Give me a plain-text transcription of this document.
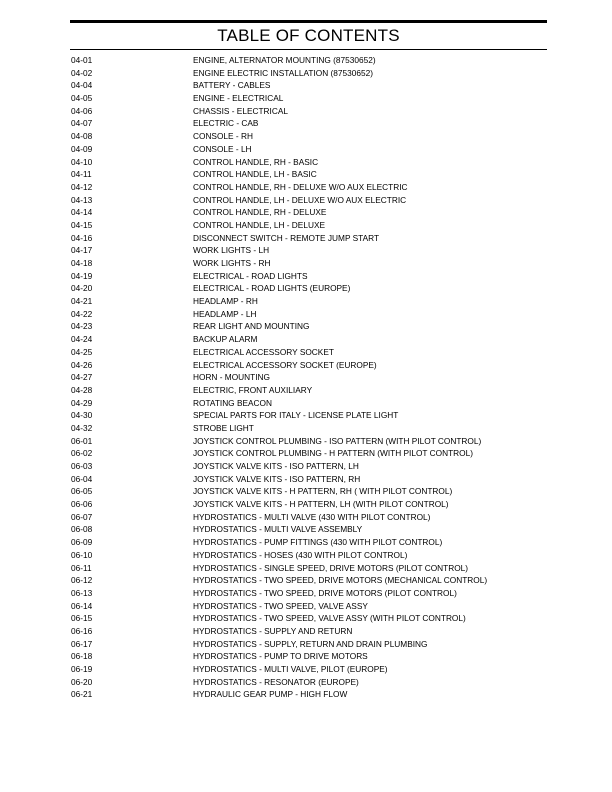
TABLE OF CONTENTS
04-01	ENGINE, ALTERNATOR MOUNTING (87530652)
04-02	ENGINE ELECTRIC INSTALLATION (87530652)
04-04	BATTERY - CABLES
04-05	ENGINE - ELECTRICAL
04-06	CHASSIS - ELECTRICAL
04-07	ELECTRIC - CAB
04-08	CONSOLE - RH
04-09	CONSOLE - LH
04-10	CONTROL HANDLE, RH - BASIC
04-11	CONTROL HANDLE, LH - BASIC
04-12	CONTROL HANDLE, RH - DELUXE W/O AUX ELECTRIC
04-13	CONTROL HANDLE, LH - DELUXE W/O AUX ELECTRIC
04-14	CONTROL HANDLE, RH - DELUXE
04-15	CONTROL HANDLE, LH - DELUXE
04-16	DISCONNECT SWITCH - REMOTE JUMP START
04-17	WORK LIGHTS - LH
04-18	WORK LIGHTS - RH
04-19	ELECTRICAL - ROAD LIGHTS
04-20	ELECTRICAL - ROAD LIGHTS (EUROPE)
04-21	HEADLAMP - RH
04-22	HEADLAMP - LH
04-23	REAR LIGHT AND MOUNTING
04-24	BACKUP ALARM
04-25	ELECTRICAL ACCESSORY SOCKET
04-26	ELECTRICAL ACCESSORY SOCKET (EUROPE)
04-27	HORN - MOUNTING
04-28	ELECTRIC, FRONT AUXILIARY
04-29	ROTATING BEACON
04-30	SPECIAL PARTS FOR ITALY - LICENSE PLATE LIGHT
04-32	STROBE LIGHT
06-01	JOYSTICK CONTROL PLUMBING - ISO PATTERN (WITH PILOT CONTROL)
06-02	JOYSTICK CONTROL PLUMBING - H PATTERN (WITH PILOT CONTROL)
06-03	JOYSTICK VALVE KITS - ISO PATTERN, LH
06-04	JOYSTICK VALVE KITS - ISO PATTERN, RH
06-05	JOYSTICK VALVE KITS - H PATTERN, RH ( WITH PILOT CONTROL)
06-06	JOYSTICK VALVE KITS - H PATTERN, LH (WITH PILOT CONTROL)
06-07	HYDROSTATICS - MULTI VALVE (430 WITH PILOT CONTROL)
06-08	HYDROSTATICS - MULTI VALVE ASSEMBLY
06-09	HYDROSTATICS - PUMP FITTINGS (430 WITH PILOT CONTROL)
06-10	HYDROSTATICS - HOSES (430 WITH PILOT CONTROL)
06-11	HYDROSTATICS - SINGLE SPEED, DRIVE MOTORS (PILOT CONTROL)
06-12	HYDROSTATICS - TWO SPEED, DRIVE MOTORS (MECHANICAL CONTROL)
06-13	HYDROSTATICS - TWO SPEED, DRIVE MOTORS (PILOT CONTROL)
06-14	HYDROSTATICS - TWO SPEED, VALVE ASSY
06-15	HYDROSTATICS - TWO SPEED, VALVE ASSY (WITH PILOT CONTROL)
06-16	HYDROSTATICS - SUPPLY AND RETURN
06-17	HYDROSTATICS - SUPPLY, RETURN AND DRAIN PLUMBING
06-18	HYDROSTATICS - PUMP TO DRIVE MOTORS
06-19	HYDROSTATICS - MULTI VALVE, PILOT (EUROPE)
06-20	HYDROSTATICS - RESONATOR (EUROPE)
06-21	HYDRAULIC GEAR PUMP - HIGH FLOW
